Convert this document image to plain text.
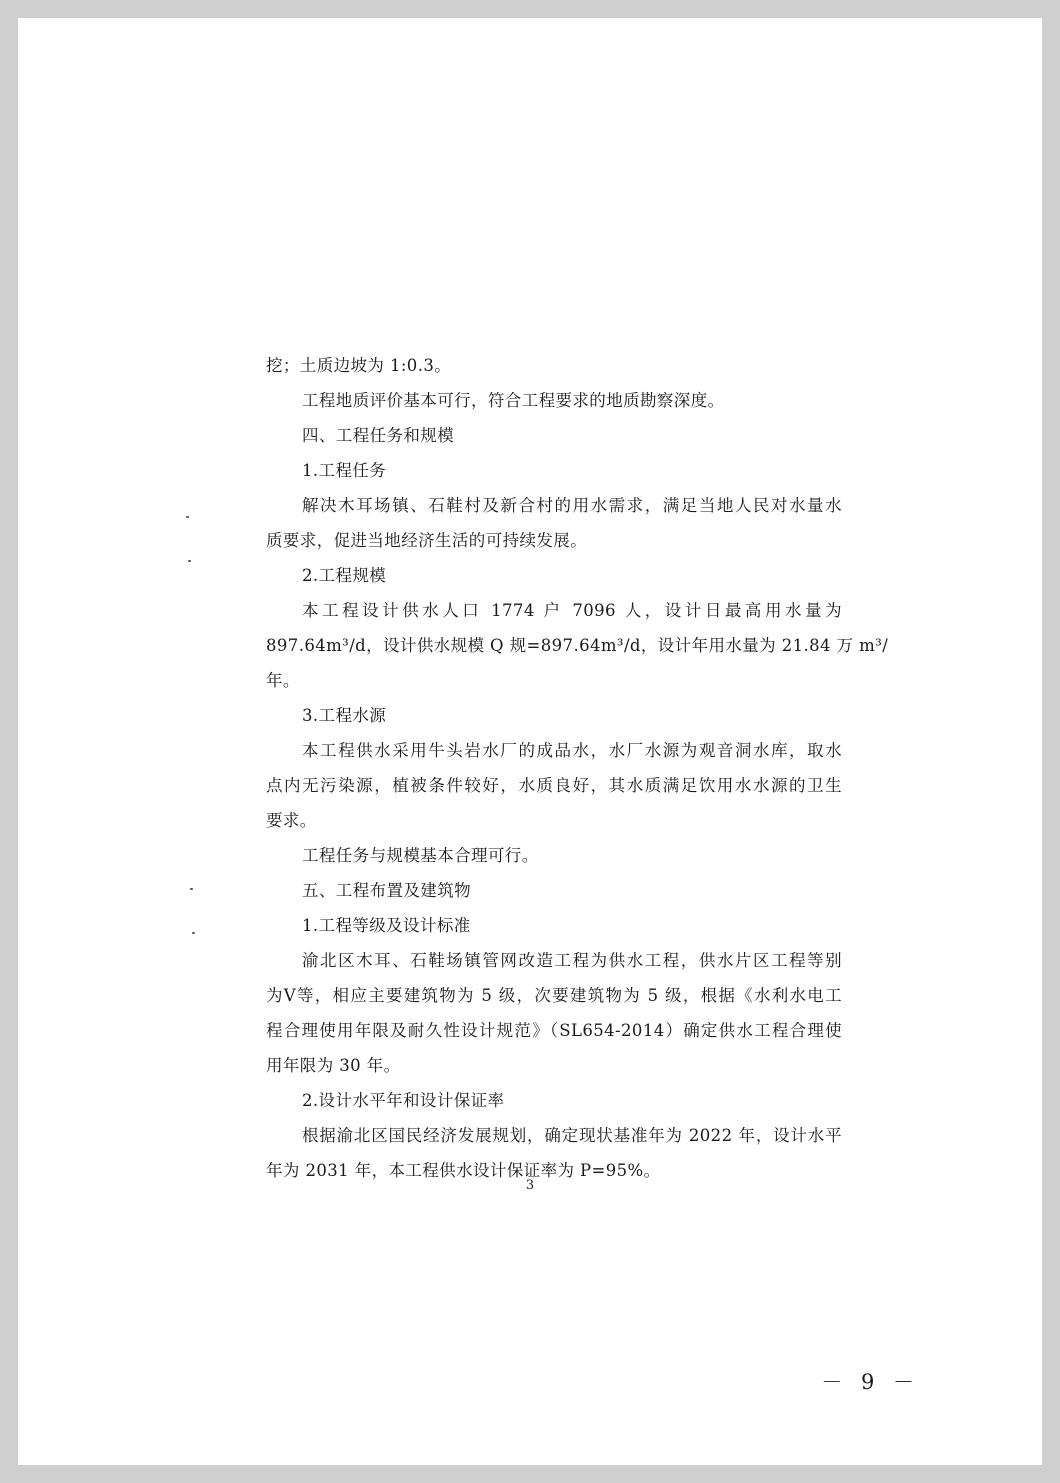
挖；土质边坡为 1:0.3。
工程地质评价基本可行，符合工程要求的地质勘察深度。
四、工程任务和规模
1.工程任务
解决木耳场镇、石鞋村及新合村的用水需求，满足当地人民对水量水
质要求，促进当地经济生活的可持续发展。
2.工程规模
本工程设计供水人口 1774 户 7096 人，设计日最高用水量为
897.64m³/d，设计供水规模 Q 规=897.64m³/d，设计年用水量为 21.84 万 m³/
年。
3.工程水源
本工程供水采用牛头岩水厂的成品水，水厂水源为观音洞水库，取水
点内无污染源，植被条件较好，水质良好，其水质满足饮用水水源的卫生
要求。
工程任务与规模基本合理可行。
五、工程布置及建筑物
1.工程等级及设计标准
渝北区木耳、石鞋场镇管网改造工程为供水工程，供水片区工程等别
为Ⅴ等，相应主要建筑物为 5 级，次要建筑物为 5 级，根据《水利水电工
程合理使用年限及耐久性设计规范》（SL654-2014）确定供水工程合理使
用年限为 30 年。
2.设计水平年和设计保证率
根据渝北区国民经济发展规划，确定现状基准年为 2022 年，设计水平
年为 2031 年，本工程供水设计保证率为 P=95%。
3
－ 9 －
